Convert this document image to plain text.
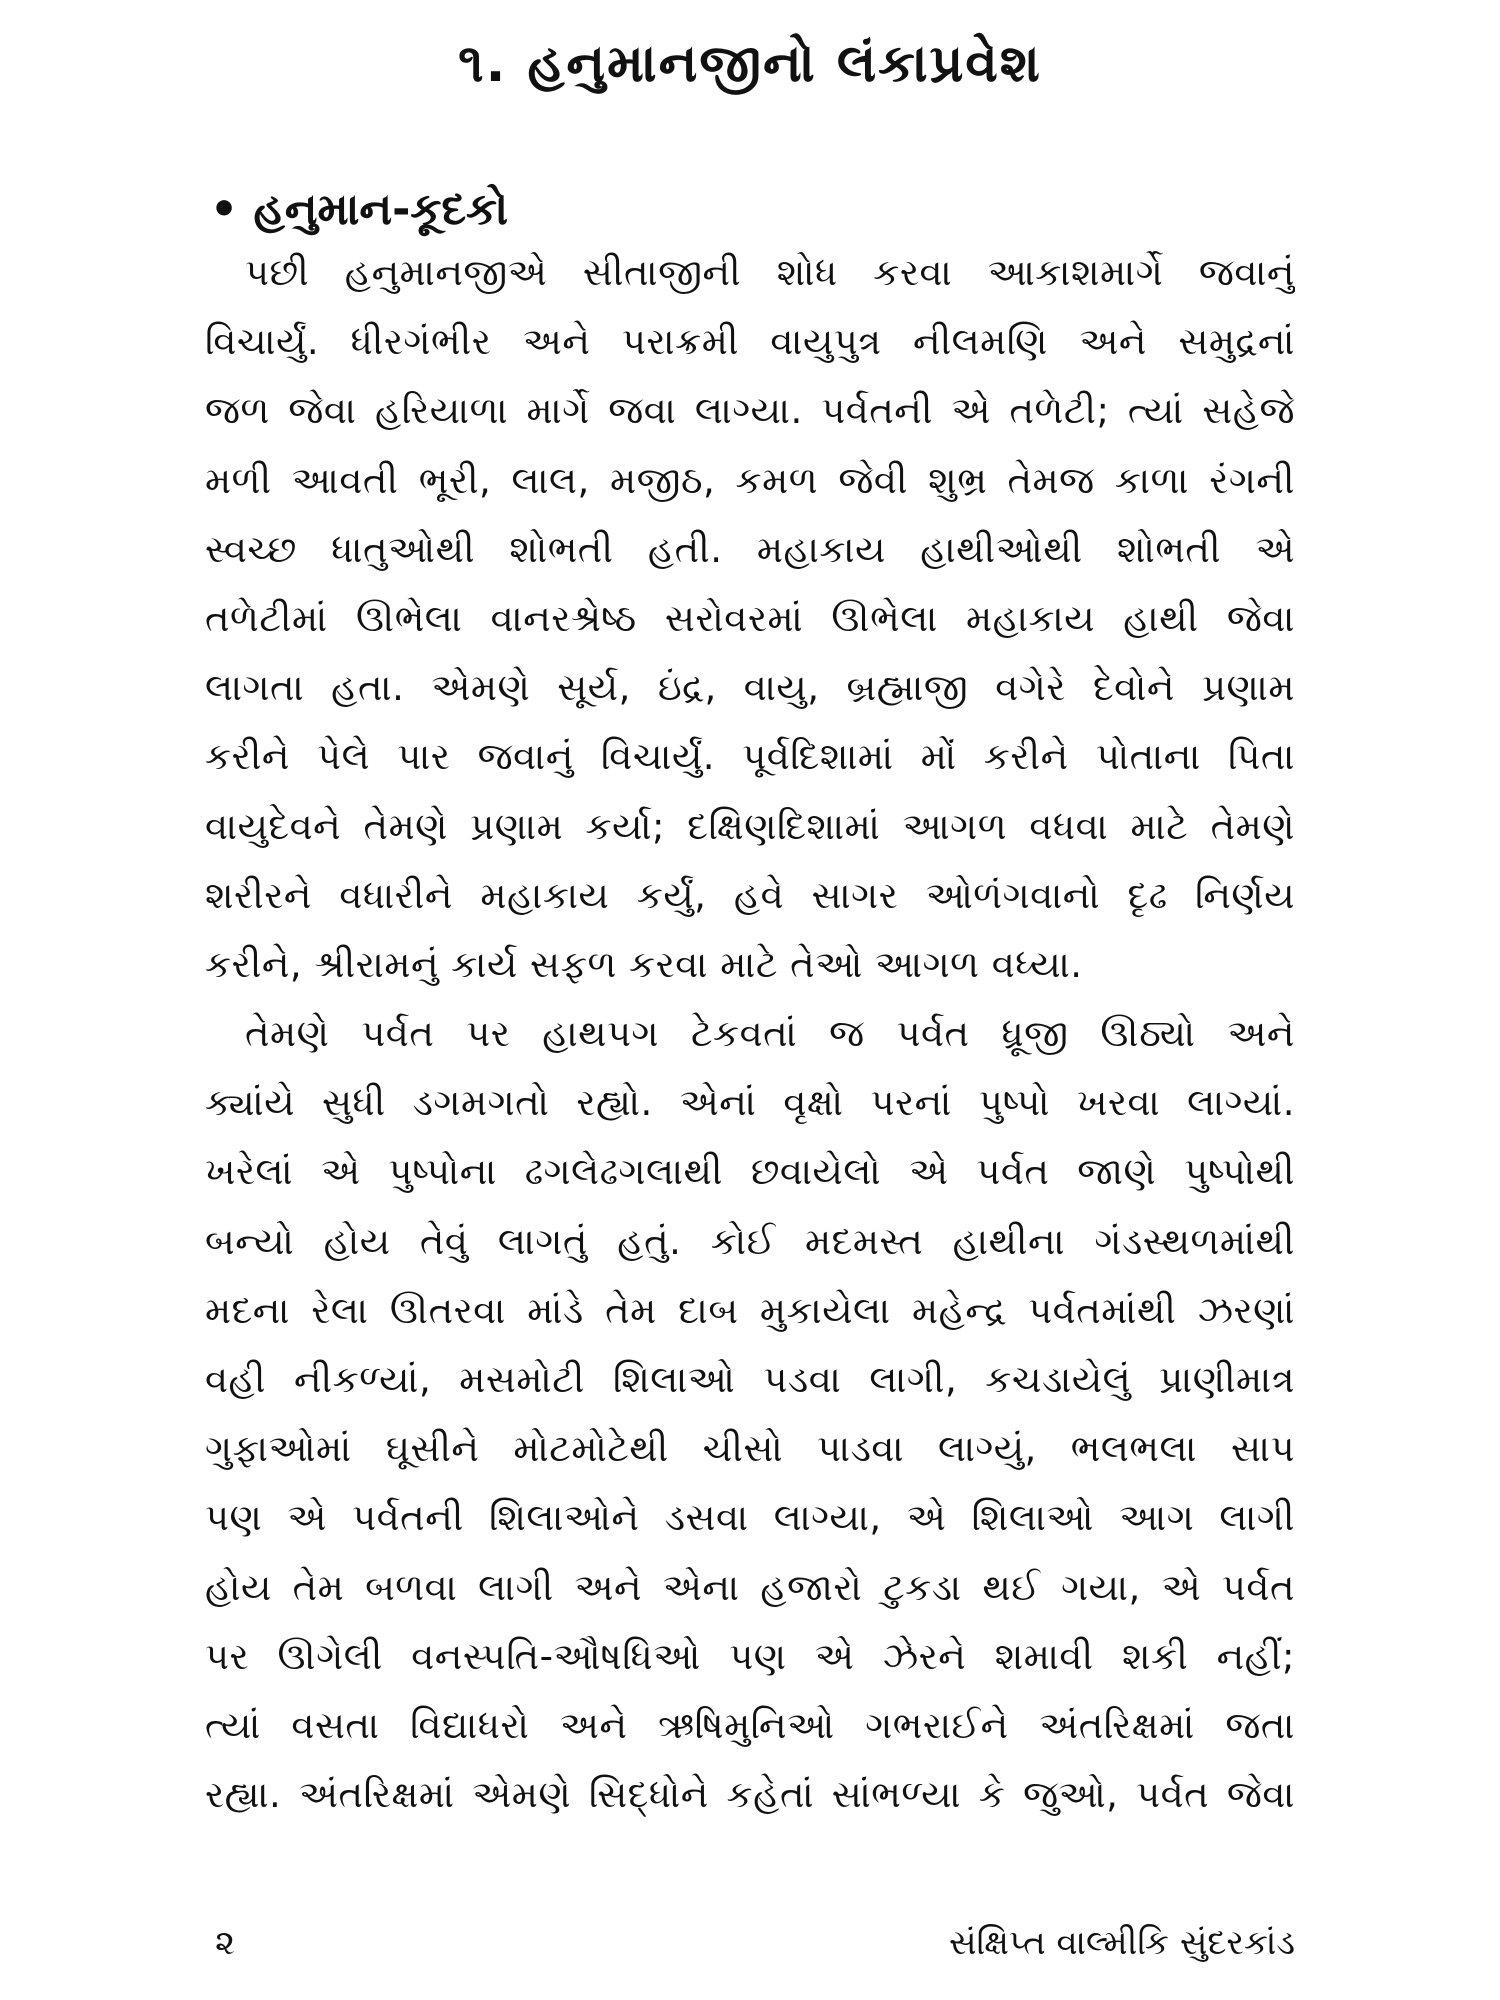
૧. હનુમાનજીનો લંકાપ્રવેશ
• હનુમાન-કૂદકો
પછી હનુમાનજીએ સીતાજીની શોધ કરવા આકાશમાર્ગે જવાનું
વિચાર્યું. ધીરગંભીર અને પરાક્રમી વાયુપુત્ર નીલમણિ અને સમુદ્રનાં
જળ જેવા હરિયાળા માર્ગે જવા લાગ્યા. પર્વતની એ તળેટી; ત્યાં સહેજે
મળી આવતી ભૂરી, લાલ, મજીઠ, કમળ જેવી શુભ્ર તેમજ કાળા રંગની
સ્વચ્છ ધાતુઓથી શોભતી હતી. મહાકાય હાથીઓથી શોભતી એ
તળેટીમાં ઊભેલા વાનરશ્રેષ્ઠ સરોવરમાં ઊભેલા મહાકાય હાથી જેવા
લાગતા હતા. એમણે સૂર્ય, ઇંદ્ર, વાયુ, બ્રહ્માજી વગેરે દેવોને પ્રણામ
કરીને પેલે પાર જવાનું વિચાર્યું. પૂર્વદિશામાં મોં કરીને પોતાના પિતા
વાયુદેવને તેમણે પ્રણામ કર્યા; દક્ષિણદિશામાં આગળ વધવા માટે તેમણે
શરીરને વધારીને મહાકાય કર્યું, હવે સાગર ઓળંગવાનો દૃઢ નિર્ણય
કરીને, શ્રીરામનું કાર્ય સફળ કરવા માટે તેઓ આગળ વધ્યા.
તેમણે પર્વત પર હાથપગ ટેકવતાં જ પર્વત ધ્રૂજી ઊઠ્યો અને
ક્યાંયે સુધી ડગમગતો રહ્યો. એનાં વૃક્ષો પરનાં પુષ્પો ખરવા લાગ્યાં.
ખરેલાં એ પુષ્પોના ઢગલેઢગલાથી છવાયેલો એ પર્વત જાણે પુષ્પોથી
બન્યો હોય તેવું લાગતું હતું. કોઈ મદમસ્ત હાથીના ગંડસ્થળમાંથી
મદના રેલા ઊતરવા માંડે તેમ દાબ મુકાયેલા મહેન્દ્ર પર્વતમાંથી ઝરણાં
વહી નીકળ્યાં, મસમોટી શિલાઓ પડવા લાગી, કચડાયેલું પ્રાણીમાત્ર
ગુફાઓમાં ઘૂસીને મોટમોટેથી ચીસો પાડવા લાગ્યું, ભલભલા સાપ
પણ એ પર્વતની શિલાઓને ડસવા લાગ્યા, એ શિલાઓ આગ લાગી
હોય તેમ બળવા લાગી અને એના હજારો ટુકડા થઈ ગયા, એ પર્વત
પર ઊગેલી વનસ્પતિ-ઔષધિઓ પણ એ ઝેરને શમાવી શકી નહીં;
ત્યાં વસતા વિદ્યાધરો અને ઋષિમુનિઓ ગભરાઈને અંતરિક્ષમાં જતા
રહ્યા. અંતરિક્ષમાં એમણે સિદ્ધોને કહેતાં સાંભળ્યા કે જુઓ, પર્વત જેવા
૨	સંક્ષિપ્ત વાલ્મીકિ સુંદરકાંડ
